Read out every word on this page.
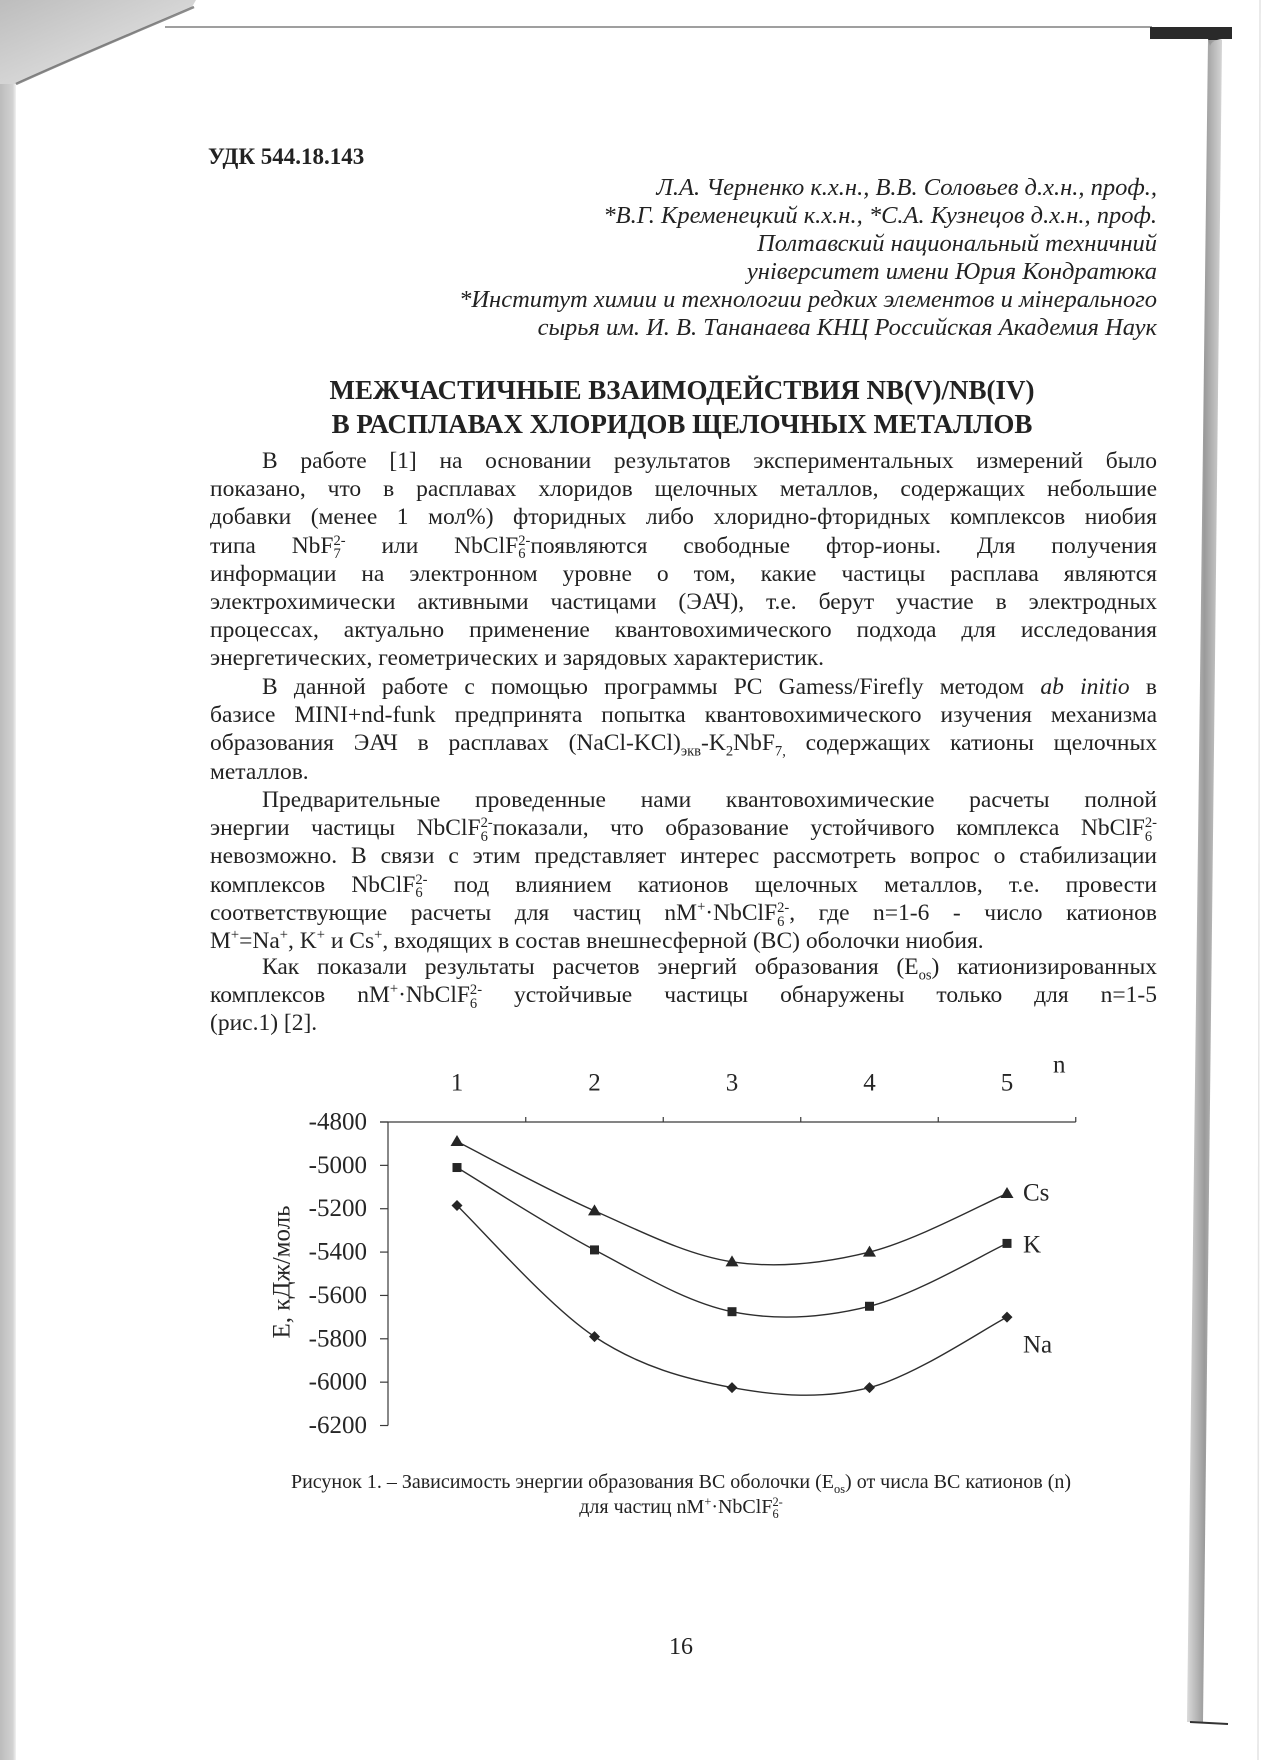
УДК 544.18.143
Л.А. Черненко к.х.н., В.В. Соловьев д.х.н., проф.,
*В.Г. Кременецкий к.х.н., *С.А. Кузнецов д.х.н., проф.
Полтавский национальный техничний
університет имени Юрия Кондратюка
*Институт химии и технологии редких элементов и мінерального
сырья им. И. В. Тананаева КНЦ Российская Академия Наук
МЕЖЧАСТИЧНЫЕ ВЗАИМОДЕЙСТВИЯ NB(V)/NB(IV)
В РАСПЛАВАХ ХЛОРИДОВ ЩЕЛОЧНЫХ МЕТАЛЛОВ
В работе [1] на основании результатов экспериментальных измерений было
показано, что в расплавах хлоридов щелочных металлов, содержащих небольшие
добавки (менее 1 мол%) фторидных либо хлоридно-фторидных комплексов ниобия
типа NbF 2-
7 или NbClF 2-
6 появляются свободные фтор-ионы. Для получения
информации на электронном уровне о том, какие частицы расплава являются
электрохимически активными частицами (ЭАЧ), т.е. берут участие в электродных
процессах, актуально применение квантовохимического подхода для исследования
энергетических, геометрических и зарядовых характеристик.
В данной работе с помощью программы PC Gamess/Firefly методом ab initio в
базисе MINI+nd-funk предпринята попытка квантовохимического изучения механизма
образования ЭАЧ в расплавах $(NaCl-KCl)_{экв}-K_2NbF_{7,}$ содержащих катионы щелочных
металлов.
Предварительные проведенные нами квантовохимические расчеты полной
энергии частицы NbClF 2-
6 показали, что образование устойчивого комплекса NbClF 2-
6
невозможно. В связи с этим представляет интерес рассмотреть вопрос о стабилизации
комплексов NbClF 2-
6 под влиянием катионов щелочных металлов, т.е. провести
соответствующие расчеты для частиц nM+·NbClF 2-
6 , где n=1-6 - число катионов
M+=Na+, K+ и Cs+, входящих в состав внешнесферной (ВС) оболочки ниобия.
Как показали результаты расчетов энергий образования $(E_{os})$ катионизированных
комплексов nM+·NbClF 2-
6 устойчивые частицы обнаружены только для n=1-5
(рис.1) [2].
-4800
-5000
-5200
-5400
-5600
-5800
-6000
-6200
1	2	3	4	5
n
E, кДж/моль
Cs
K
Na
Рисунок 1. – Зависимость энергии образования ВС оболочки $(E_{os})$ от числа ВС катионов (n)
для частиц nM+·NbClF 2-
6
16
